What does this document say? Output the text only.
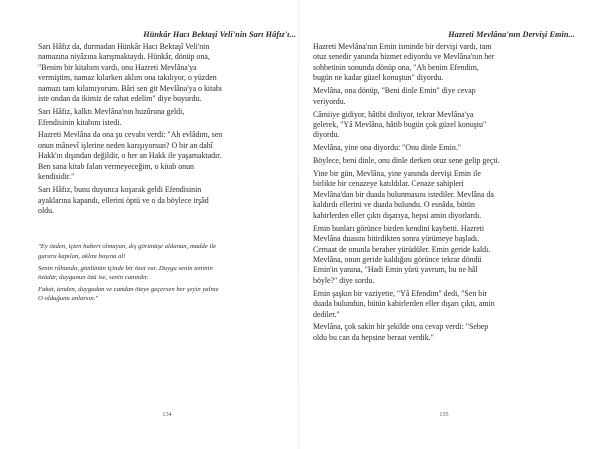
Hünkâr Hacı Bektaşî Veli'nin Sarı Hâfız'ı...
Sarı Hâfız da, durmadan Hünkâr Hacı Bektaşî Veli'nin
namazına niyâzına karışmaktaydı. Hünkâr, dönüp ona,
"Benim bir kitabım vardı, onu Hazreti Mevlâna'ya
vermiştim, namaz kılarken aklım ona takılıyor, o yüzden
namazı tam kılamıyorum. Bâri sen git Mevlâna'ya o kitabı
iste ondan da ikimiz de rahat edelim" diye buyurdu.
Sarı Hâfız, kalktı Mevlâna'nın huzûruna geldi,
Efendisinin kitabını istedi.
Hazreti Mevlâna da ona şu cevabı verdi: "Ah evlâdım, sen
onun mânevî işlerine neden karışıyorsun? O bir an dahî
Hakk'ın dışından değildir, o her an Hakk ile yaşamaktadır.
Ben sana kitab falan vermeyeceğim, o kitab onun
kendisidir."
Sarı Hâfız, bunu duyunca koşarak geldi Efendisinin
ayaklarına kapandı, ellerini öptü ve o da böylece irşâd
oldu.
"Ey özden, içten haberi olmayan, dış görünüşe aldanan, madde ile
gururu kapılan, aklını başına al!
Senin rûhunda, gönlünün içinde bir özet var. Duygu senin teninin
özüdür, duygunun özü ise, senin canındır.
Fakat, tenden, duygudan ve candan öteye geçersen her şeyin yalnız
O olduğunu anlarsın."
134
Hazreti Mevlâna'nın Dervişi Emin...
Hazreti Mevlâna'nın Emin isminde bir dervişi vardı, tam
otuz senedir yanında hizmet ediyordu ve Mevlâna'nın her
sohbetinin sonunda dönüp ona, "Ah benim Efendim,
bugün ne kadar güzel konuştun" diyordu.
Mevlâna, ona dönüp, "Beni dinle Emin" diye cevap
veriyordu.
Câmiiye gidiyor, hâtibi dinliyor, tekrar Mevlâna'ya
gelerek, "Yâ Mevlâna, hâtib bugün çok güzel konuştu"
diyordu.
Mevlâna, yine ona diyordu: "Onu dinle Emin."
Böylece, beni dinle, onu dinle derken otuz sene gelip geçti.
Yine bir gün, Mevlâna, yine yanında dervişi Emin ile
birlikte bir cenazeye katıldılar. Cenaze sahipleri
Mevlâna'dan bir duada bulunmasını istediler. Mevlâna da
kaldırdı ellerini ve duada bulundu. O esnâda, bütün
kabirlerden eller çıktı dışarıya, hepsi amin diyorlardı.
Emin bunları görünce birden kendini kaybetti. Hazreti
Mevlâna duasını bitirdikten sonra yürümeye başladı.
Cemaat de onunla beraber yürüdüler. Emin geride kaldı.
Mevlâna, onun geride kaldığını görünce tekrar döndü
Emin'in yanına, "Hadi Emin yürü yavrum, bu ne hâl
böyle?" diye sordu.
Emin şaşkın bir vaziyette, "Yâ Efendim" dedi, "Sen bir
duada bulundun, bütün kabirlerden eller dışarı çıktı, amin
dediler."
Mevlâna, çok sakin bir şekilde ona cevap verdi: "Sebep
oldu bu can da hepsine beraat verdik."
135
